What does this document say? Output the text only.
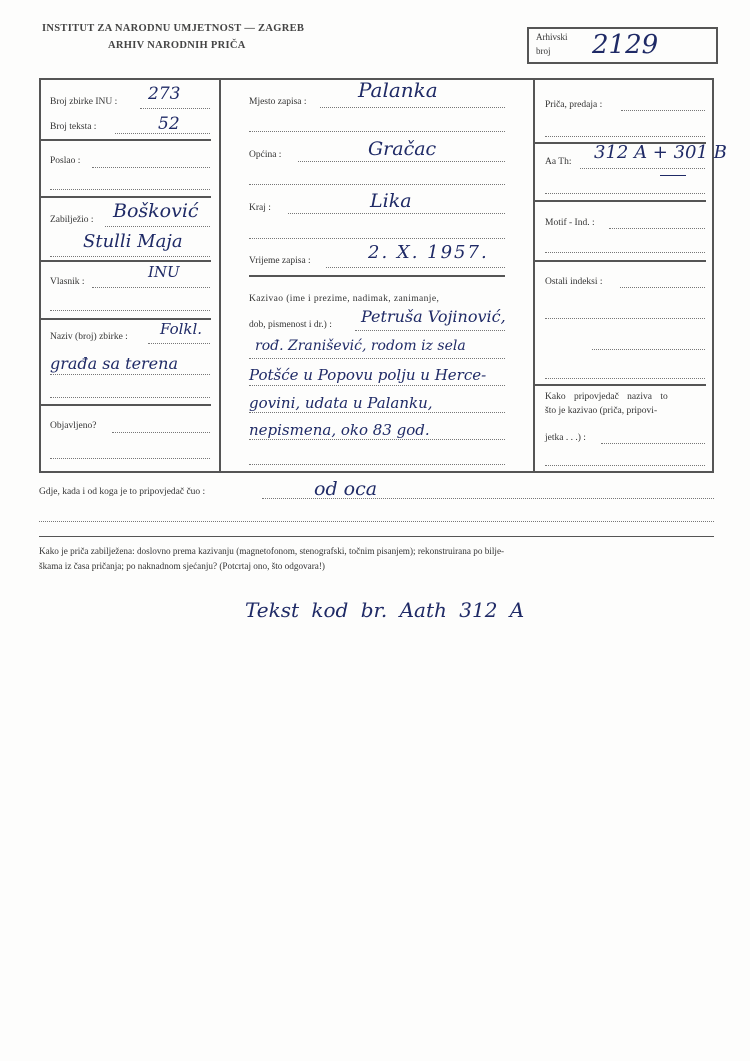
INSTITUT ZA NARODNU UMJETNOST — ZAGREB
ARHIV NARODNIH PRIČA
Arhivski
broj 2129
Broj zbirke INU : 273
Broj teksta :	52
Poslao :
Zabilježio : Bošković
Stulli Maja
Vlasnik :
INU
Naziv (broj) zbirke : Folkl.
građa sa terena
Objavljeno?
Mjesto zapisa :	Palanka
Općina :	Gračac
Kraj :	Lika
Vrijeme zapisa :	2. X. 1957.
Kazivao (ime i prezime, nadimak, zanimanje,
dob, pismenost i dr.) : Petruša Vojinović,
rođ. Zranišević, rodom iz sela
Potšće u Popovu polju u Herce-
govini, udata u Palanku,
nepismena, oko 83 god.
Priča, predaja :
Aa Th: 312 A + 301 B
Motif - Ind. :
Ostali indeksi :
Kako pripovjedač naziva to
što je kazivao (priča, pripovi-
jetka . . .) :
Gdje, kada i od koga je to pripovjedač čuo :	od oca
Kako je priča zabilježena: doslovno prema kazivanju (magnetofonom, stenografski, točnim pisanjem); rekonstruirana po bilje-
škama iz časa pričanja; po naknadnom sjećanju? (Potcrtaj ono, što odgovara!)
Tekst kod br. Aath 312 A
